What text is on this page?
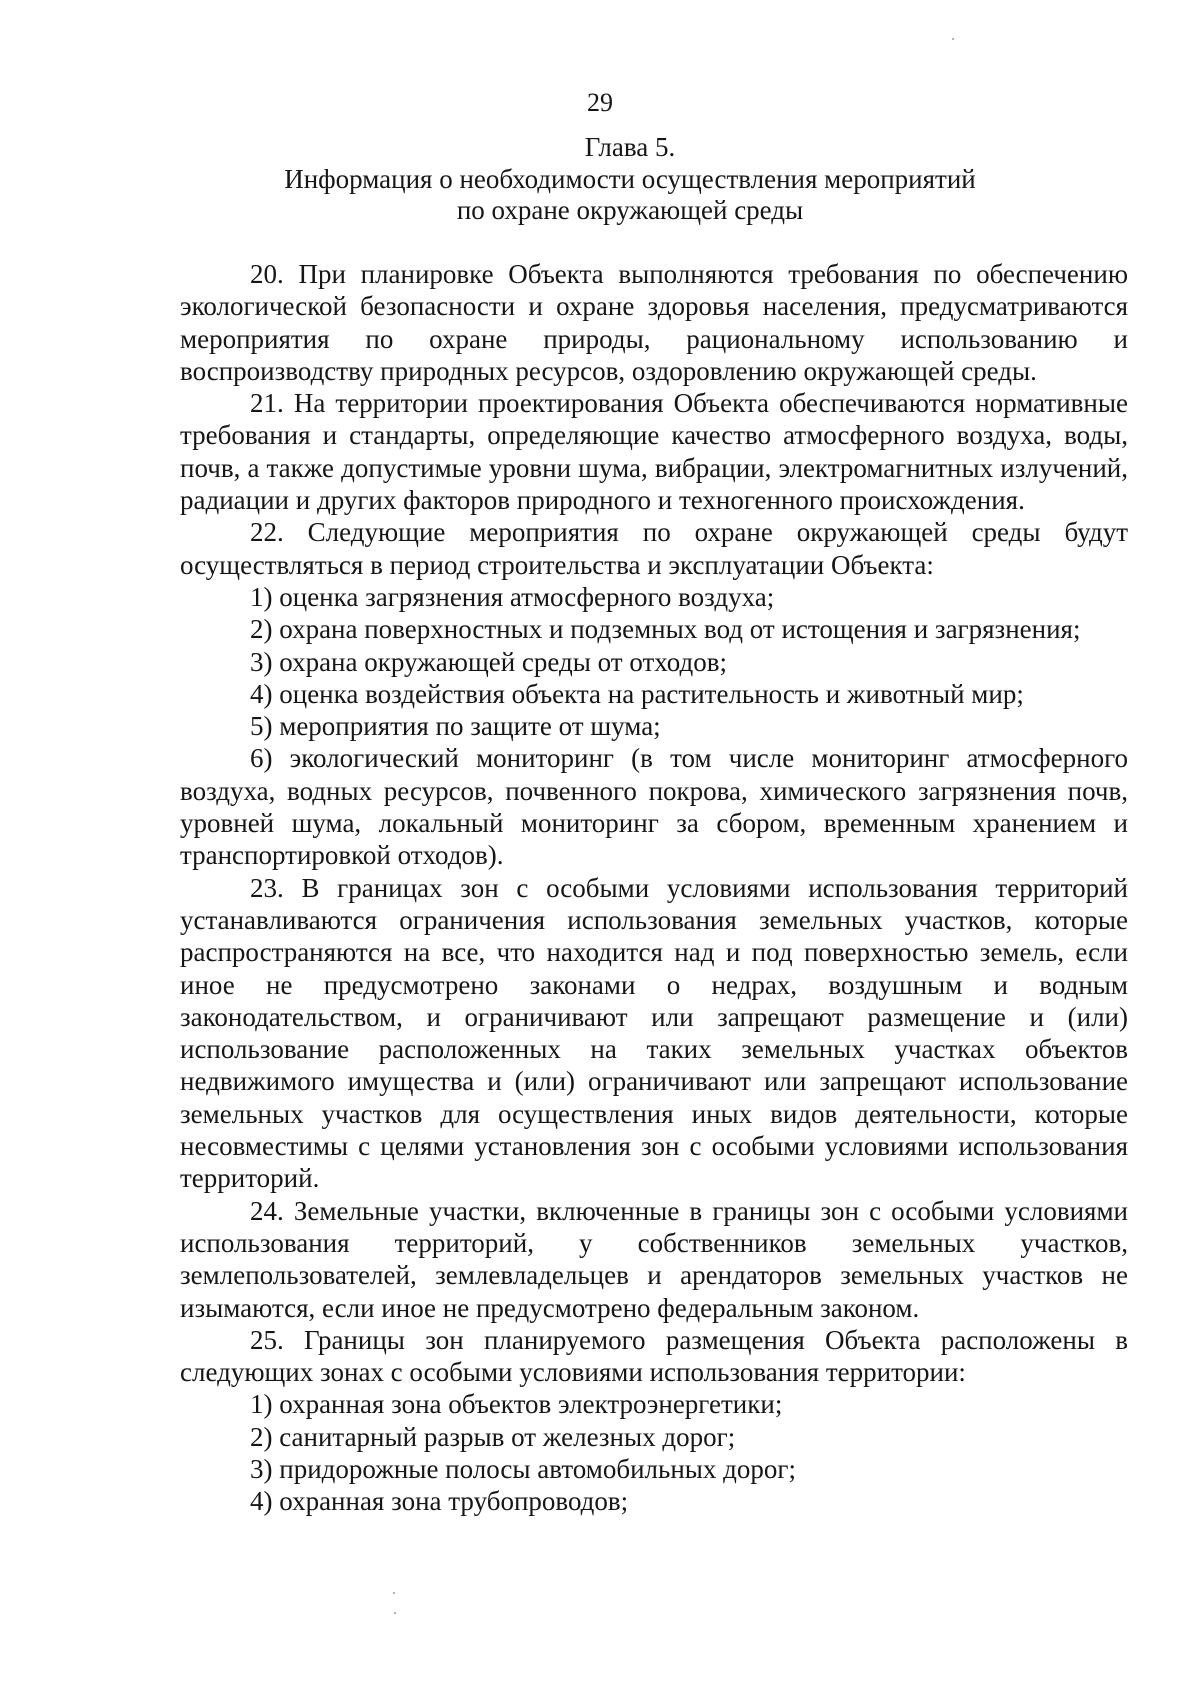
29
Глава 5.
Информация о необходимости осуществления мероприятий
по охране окружающей среды

20. При планировке Объекта выполняются требования по обеспечению экологической безопасности и охране здоровья населения, предусматриваются мероприятия по охране природы, рациональному использованию и воспроизводству природных ресурсов, оздоровлению окружающей среды.

21. На территории проектирования Объекта обеспечиваются нормативные требования и стандарты, определяющие качество атмосферного воздуха, воды, почв, а также допустимые уровни шума, вибрации, электромагнитных излучений, радиации и других факторов природного и техногенного происхождения.

22. Следующие мероприятия по охране окружающей среды будут осуществляться в период строительства и эксплуатации Объекта:

1) оценка загрязнения атмосферного воздуха;

2) охрана поверхностных и подземных вод от истощения и загрязнения;

3) охрана окружающей среды от отходов;

4) оценка воздействия объекта на растительность и животный мир;

5) мероприятия по защите от шума;

6) экологический мониторинг (в том числе мониторинг атмосферного воздуха, водных ресурсов, почвенного покрова, химического загрязнения почв, уровней шума, локальный мониторинг за сбором, временным хранением и транспортировкой отходов).

23. В границах зон с особыми условиями использования территорий устанавливаются ограничения использования земельных участков, которые распространяются на все, что находится над и под поверхностью земель, если иное не предусмотрено законами о недрах, воздушным и водным законодательством, и ограничивают или запрещают размещение и (или) использование расположенных на таких земельных участках объектов недвижимого имущества и (или) ограничивают или запрещают использование земельных участков для осуществления иных видов деятельности, которые несовместимы с целями установления зон с особыми условиями использования территорий.

24. Земельные участки, включенные в границы зон с особыми условиями использования территорий, у собственников земельных участков, землепользователей, землевладельцев и арендаторов земельных участков не изымаются, если иное не предусмотрено федеральным законом.

25. Границы зон планируемого размещения Объекта расположены в следующих зонах с особыми условиями использования территории:

1) охранная зона объектов электроэнергетики;

2) санитарный разрыв от железных дорог;

3) придорожные полосы автомобильных дорог;

4) охранная зона трубопроводов;
